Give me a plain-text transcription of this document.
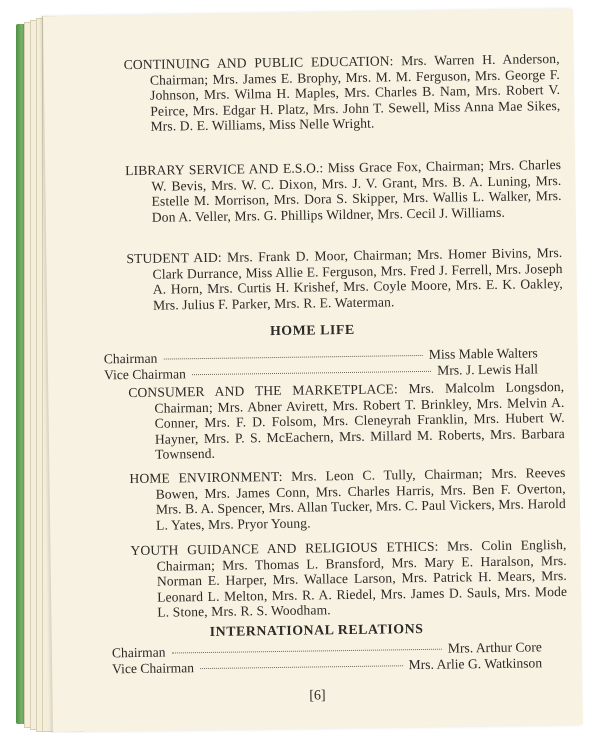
CONTINUING AND PUBLIC EDUCATION: Mrs. Warren H. Anderson, Chairman; Mrs. James E. Brophy, Mrs. M. M. Ferguson, Mrs. George F. Johnson, Mrs. Wilma H. Maples, Mrs. Charles B. Nam, Mrs. Robert V. Peirce, Mrs. Edgar H. Platz, Mrs. John T. Sewell, Miss Anna Mae Sikes, Mrs. D. E. Williams, Miss Nelle Wright.
LIBRARY SERVICE AND E.S.O.: Miss Grace Fox, Chairman; Mrs. Charles W. Bevis, Mrs. W. C. Dixon, Mrs. J. V. Grant, Mrs. B. A. Luning, Mrs. Estelle M. Morrison, Mrs. Dora S. Skipper, Mrs. Wallis L. Walker, Mrs. Don A. Veller, Mrs. G. Phillips Wildner, Mrs. Cecil J. Williams.
STUDENT AID: Mrs. Frank D. Moor, Chairman; Mrs. Homer Bivins, Mrs. Clark Durrance, Miss Allie E. Ferguson, Mrs. Fred J. Ferrell, Mrs. Joseph A. Horn, Mrs. Curtis H. Krishef, Mrs. Coyle Moore, Mrs. E. K. Oakley, Mrs. Julius F. Parker, Mrs. R. E. Waterman.
HOME LIFE
Chairman	Miss Mable Walters
Vice Chairman	Mrs. J. Lewis Hall
CONSUMER AND THE MARKETPLACE: Mrs. Malcolm Longsdon, Chairman; Mrs. Abner Avirett, Mrs. Robert T. Brinkley, Mrs. Melvin A. Conner, Mrs. F. D. Folsom, Mrs. Cleneyrah Franklin, Mrs. Hubert W. Hayner, Mrs. P. S. McEachern, Mrs. Millard M. Roberts, Mrs. Barbara Townsend.
HOME ENVIRONMENT: Mrs. Leon C. Tully, Chairman; Mrs. Reeves Bowen, Mrs. James Conn, Mrs. Charles Harris, Mrs. Ben F. Overton, Mrs. B. A. Spencer, Mrs. Allan Tucker, Mrs. C. Paul Vickers, Mrs. Harold L. Yates, Mrs. Pryor Young.
YOUTH GUIDANCE AND RELIGIOUS ETHICS: Mrs. Colin English, Chairman; Mrs. Thomas L. Bransford, Mrs. Mary E. Haralson, Mrs. Norman E. Harper, Mrs. Wallace Larson, Mrs. Patrick H. Mears, Mrs. Leonard L. Melton, Mrs. R. A. Riedel, Mrs. James D. Sauls, Mrs. Mode L. Stone, Mrs. R. S. Woodham.
INTERNATIONAL RELATIONS
Chairman	Mrs. Arthur Core
Vice Chairman	Mrs. Arlie G. Watkinson
[6]
